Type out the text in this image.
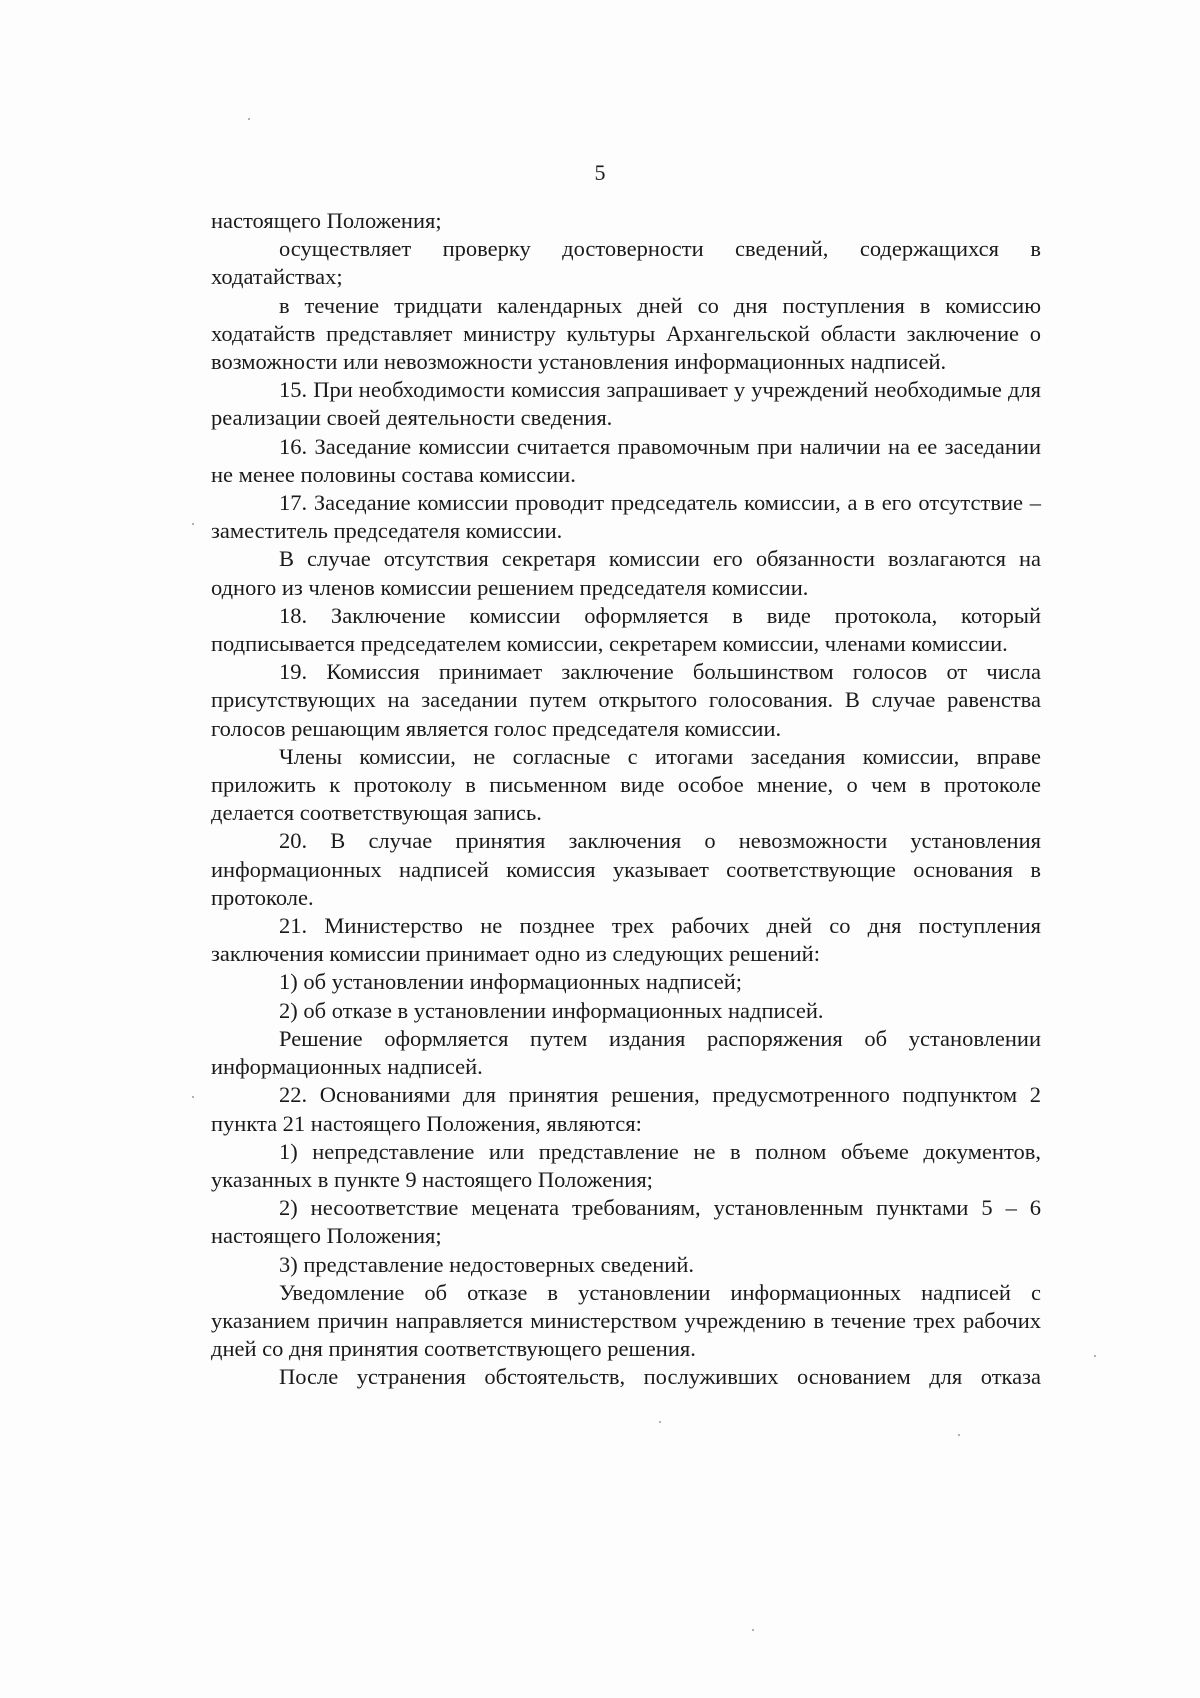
5

настоящего Положения;

осуществляет проверку достоверности сведений, содержащихся в ходатайствах;

в течение тридцати календарных дней со дня поступления в комиссию ходатайств представляет министру культуры Архангельской области заключение о возможности или невозможности установления информационных надписей.

15. При необходимости комиссия запрашивает у учреждений необходимые для реализации своей деятельности сведения.

16. Заседание комиссии считается правомочным при наличии на ее заседании не менее половины состава комиссии.

17. Заседание комиссии проводит председатель комиссии, а в его отсутствие – заместитель председателя комиссии.

В случае отсутствия секретаря комиссии его обязанности возлагаются на одного из членов комиссии решением председателя комиссии.

18. Заключение комиссии оформляется в виде протокола, который подписывается председателем комиссии, секретарем комиссии, членами комиссии.

19. Комиссия принимает заключение большинством голосов от числа присутствующих на заседании путем открытого голосования. В случае равенства голосов решающим является голос председателя комиссии.

Члены комиссии, не согласные с итогами заседания комиссии, вправе приложить к протоколу в письменном виде особое мнение, о чем в протоколе делается соответствующая запись.

20. В случае принятия заключения о невозможности установления информационных надписей комиссия указывает соответствующие основания в протоколе.

21. Министерство не позднее трех рабочих дней со дня поступления заключения комиссии принимает одно из следующих решений:

1) об установлении информационных надписей;

2) об отказе в установлении информационных надписей.

Решение оформляется путем издания распоряжения об установлении информационных надписей.

22. Основаниями для принятия решения, предусмотренного подпунктом 2 пункта 21 настоящего Положения, являются:

1) непредставление или представление не в полном объеме документов, указанных в пункте 9 настоящего Положения;

2) несоответствие мецената требованиям, установленным пунктами 5 – 6 настоящего Положения;

3) представление недостоверных сведений.

Уведомление об отказе в установлении информационных надписей с указанием причин направляется министерством учреждению в течение трех рабочих дней со дня принятия соответствующего решения.

После устранения обстоятельств, послуживших основанием для отказа
